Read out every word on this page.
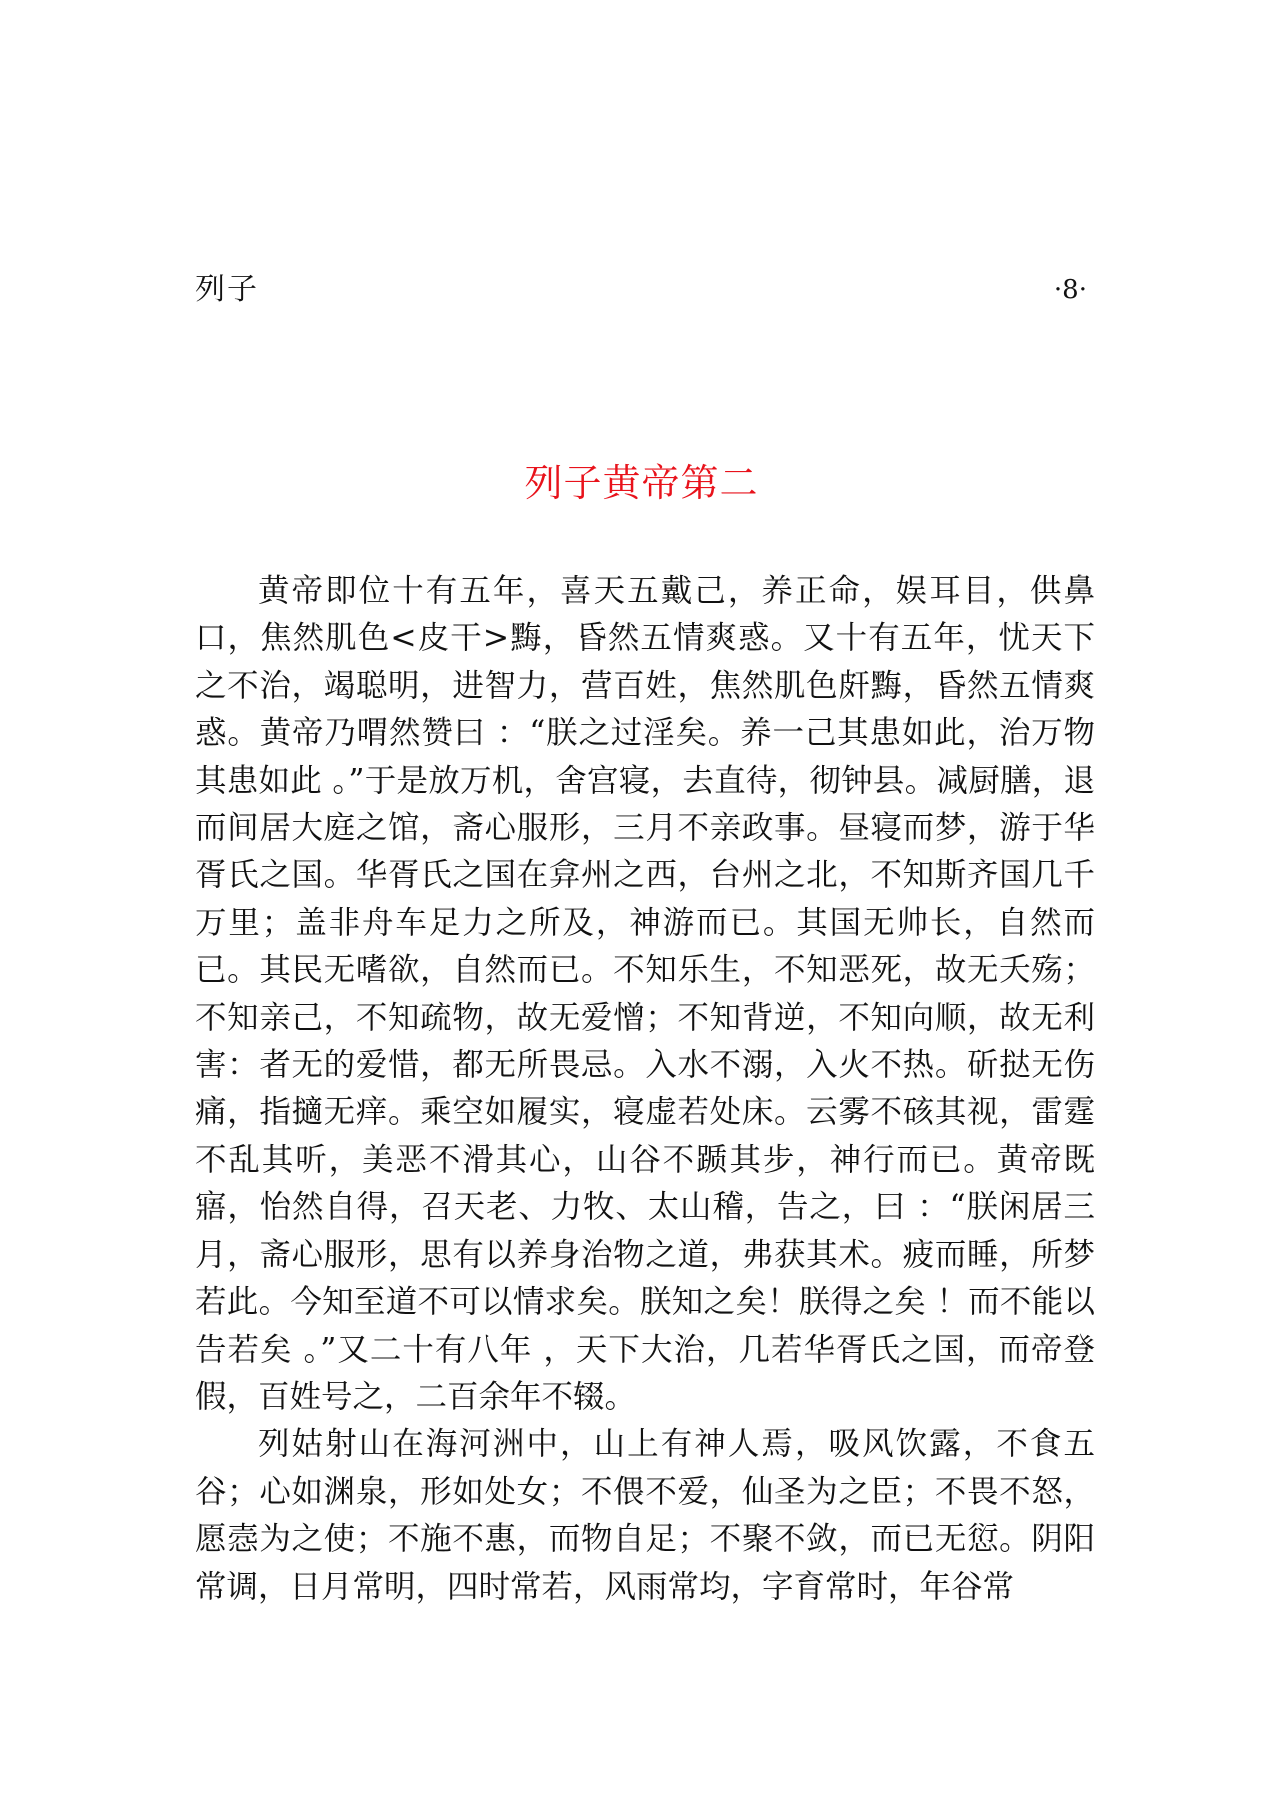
列子	·8·
列子黄帝第二

黄帝即位十有五年，喜天五戴己，养正命，娱耳目，供鼻口，焦然肌色<皮干>黣，昏然五情爽惑。又十有五年，忧天下之不治，竭聪明，进智力，营百姓，焦然肌色皯黣，昏然五情爽惑。黄帝乃喟然赞曰 ：“朕之过淫矣。养一己其患如此，治万物其患如此 。”于是放万机，舍宫寝，去直待，彻钟县。减厨膳，退而间居大庭之馆，斋心服形，三月不亲政事。昼寝而梦，游于华胥氏之国。华胥氏之国在弇州之西，台州之北，不知斯齐国几千万里；盖非舟车足力之所及，神游而已。其国无帅长，自然而已。其民无嗜欲，自然而已。不知乐生，不知恶死，故无夭殇；不知亲己，不知疏物，故无爱憎；不知背逆，不知向顺，故无利害：者无的爱惜，都无所畏忌。入水不溺，入火不热。斫挞无伤痛，指擿无痒。乘空如履实，寝虚若处床。云雾不硋其视，雷霆不乱其听，美恶不滑其心，山谷不踬其步，神行而已。黄帝既寤，怡然自得，召天老、力牧、太山稽，告之，曰 ：“朕闲居三月，斋心服形，思有以养身治物之道，弗获其术。疲而睡，所梦若此。今知至道不可以情求矣。朕知之矣！朕得之矣 ！而不能以告若矣 。”又二十有八年 ，天下大治，几若华胥氏之国，而帝登假，百姓号之，二百余年不辍。

列姑射山在海河洲中，山上有神人焉，吸风饮露，不食五谷；心如渊泉，形如处女；不偎不爱，仙圣为之臣；不畏不怒，愿悫为之使；不施不惠，而物自足；不聚不敛，而已无愆。阴阳常调，日月常明，四时常若，风雨常均，字育常时，年谷常
